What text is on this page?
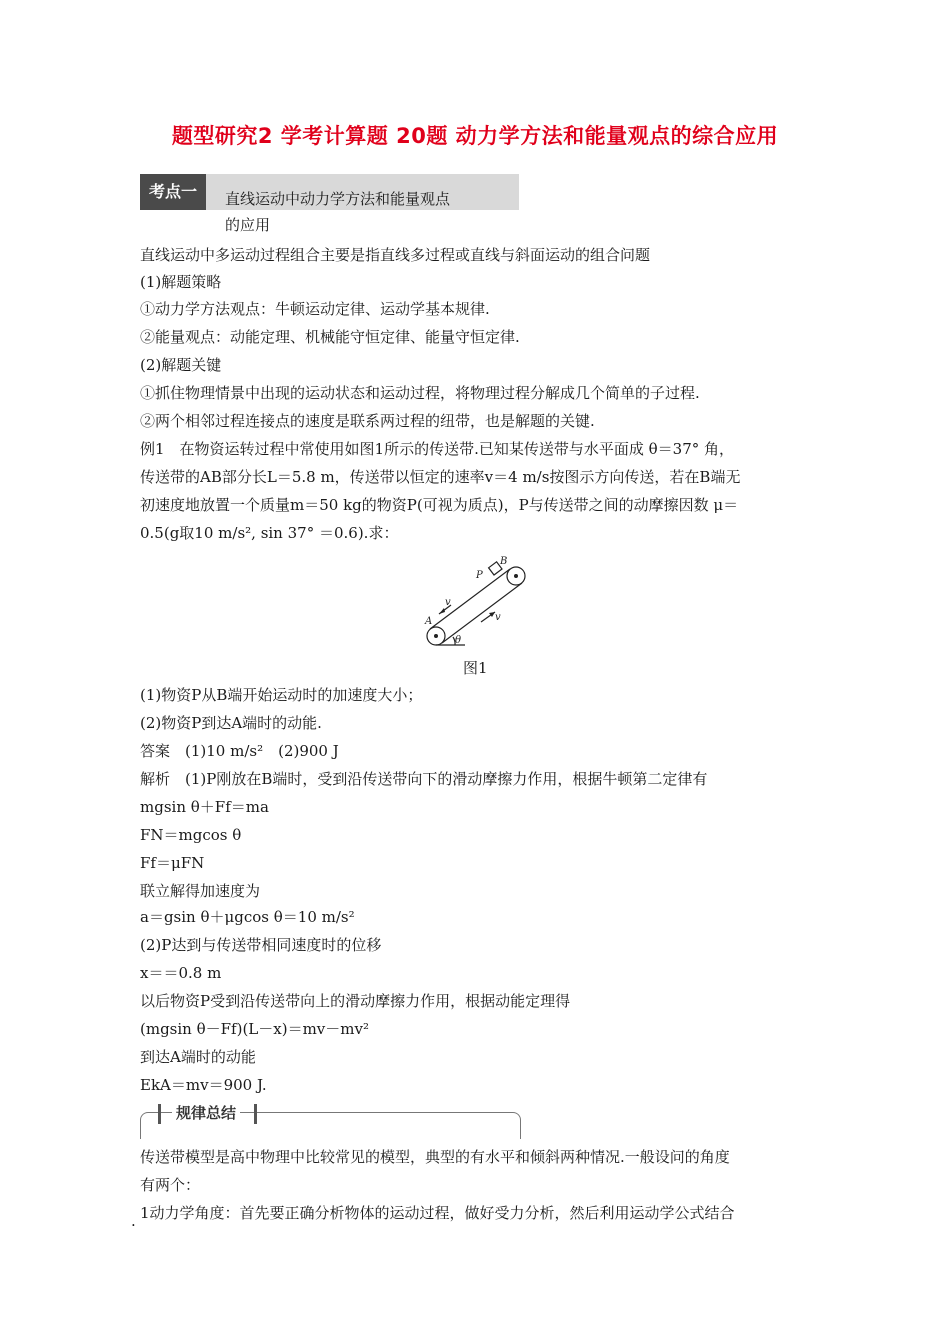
题型研究2 学考计算题 20题 动力学方法和能量观点的综合应用
考点一	直线运动中动力学方法和能量观点
的应用
直线运动中多运动过程组合主要是指直线多过程或直线与斜面运动的组合问题
(1)解题策略
①动力学方法观点：牛顿运动定律、运动学基本规律.
②能量观点：动能定理、机械能守恒定律、能量守恒定律.
(2)解题关键
①抓住物理情景中出现的运动状态和运动过程，将物理过程分解成几个简单的子过程.
②两个相邻过程连接点的速度是联系两过程的纽带，也是解题的关键.
例1　在物资运转过程中常使用如图1所示的传送带.已知某传送带与水平面成 θ＝37° 角，
传送带的AB部分长L＝5.8 m，传送带以恒定的速率v＝4 m/s按图示方向传送，若在B端无
初速度地放置一个质量m＝50 kg的物资P(可视为质点)，P与传送带之间的动摩擦因数 μ＝
0.5(g取10 m/s², sin 37° ＝0.6).求：
A
B
P
v
v
θ
图1
(1)物资P从B端开始运动时的加速度大小；
(2)物资P到达A端时的动能.
答案　(1)10 m/s²　(2)900 J
解析　(1)P刚放在B端时，受到沿传送带向下的滑动摩擦力作用，根据牛顿第二定律有
mgsin θ＋Ff＝ma
FN＝mgcos θ
Ff＝μFN
联立解得加速度为
a＝gsin θ＋μgcos θ＝10 m/s²
(2)P达到与传送带相同速度时的位移
x＝＝0.8 m
以后物资P受到沿传送带向上的滑动摩擦力作用，根据动能定理得
(mgsin θ－Ff)(L－x)＝mv－mv²
到达A端时的动能
EkA＝mv＝900 J.
规律总结
传送带模型是高中物理中比较常见的模型，典型的有水平和倾斜两种情况.一般设问的角度
有两个：
1动力学角度：首先要正确分析物体的运动过程，做好受力分析，然后利用运动学公式结合
.
